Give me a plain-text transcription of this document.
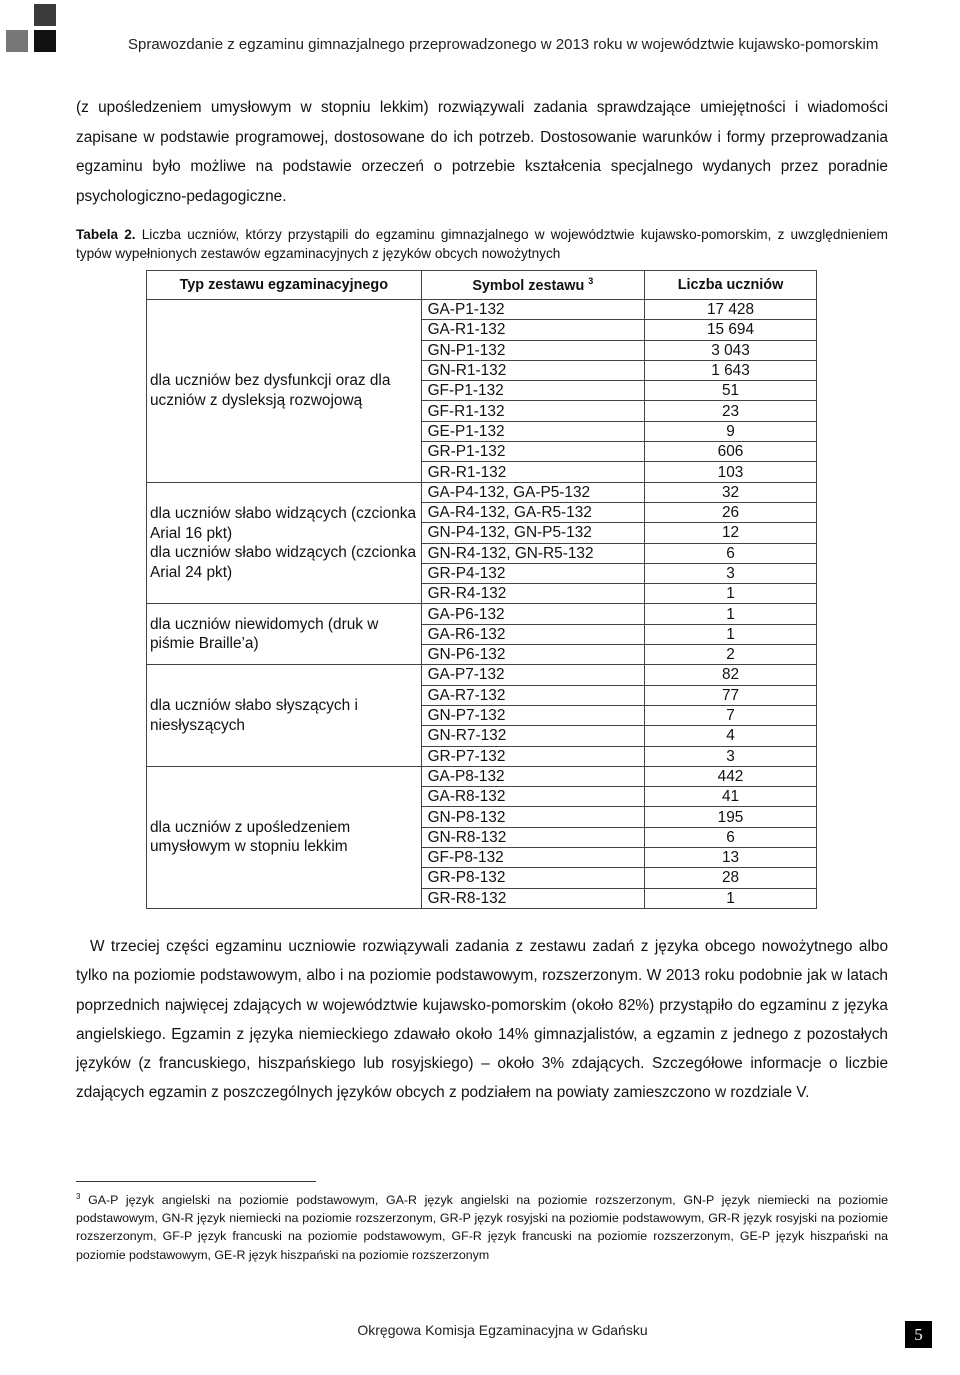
Sprawozdanie z egzaminu gimnazjalnego przeprowadzonego w 2013 roku w województwie kujawsko-pomorskim
(z upośledzeniem umysłowym w stopniu lekkim) rozwiązywali zadania sprawdzające umiejętności i wiadomości zapisane w podstawie programowej, dostosowane do ich potrzeb. Dostosowanie warunków i formy przeprowadzania egzaminu było możliwe na podstawie orzeczeń o potrzebie kształcenia specjalnego wydanych przez poradnie psychologiczno-pedagogiczne.
Tabela 2. Liczba uczniów, którzy przystąpili do egzaminu gimnazjalnego w województwie kujawsko-pomorskim, z uwzględnieniem typów wypełnionych zestawów egzaminacyjnych z języków obcych nowożytnych
Typ zestawu egzaminacyjnego	Symbol zestawu $^3$	Liczba uczniów

dla uczniów bez dysfunkcji oraz dla uczniów z dysleksją rozwojową	GA-P1-132	17 428
	GA-R1-132	15 694
	GN-P1-132	3 043
	GN-R1-132	1 643
	GF-P1-132	51
	GF-R1-132	23
	GE-P1-132	9
	GR-P1-132	606
	GR-R1-132	103

dla uczniów słabo widzących (czcionka Arial 16 pkt)
dla uczniów słabo widzących (czcionka Arial 24 pkt)	GA-P4-132, GA-P5-132	32
	GA-R4-132, GA-R5-132	26
	GN-P4-132, GN-P5-132	12
	GN-R4-132, GN-R5-132	6
	GR-P4-132	3
	GR-R4-132	1

dla uczniów niewidomych (druk w piśmie Braille’a)	GA-P6-132	1
	GA-R6-132	1
	GN-P6-132	2

dla uczniów słabo słyszących i niesłyszących	GA-P7-132	82
	GA-R7-132	77
	GN-P7-132	7
	GN-R7-132	4
	GR-P7-132	3

dla uczniów z upośledzeniem umysłowym w stopniu lekkim	GA-P8-132	442
	GA-R8-132	41
	GN-P8-132	195
	GN-R8-132	6
	GF-P8-132	13
	GR-P8-132	28
	GR-R8-132	1
W trzeciej części egzaminu uczniowie rozwiązywali zadania z zestawu zadań z języka obcego nowożytnego albo tylko na poziomie podstawowym, albo i na poziomie podstawowym, rozszerzonym. W 2013 roku podobnie jak w latach poprzednich najwięcej zdających w województwie kujawsko-pomorskim (około 82%) przystąpiło do egzaminu z języka angielskiego. Egzamin z języka niemieckiego zdawało około 14% gimnazjalistów, a egzamin z jednego z pozostałych języków (z francuskiego, hiszpańskiego lub rosyjskiego) – około 3% zdających. Szczegółowe informacje o liczbie zdających egzamin z poszczególnych języków obcych z podziałem na powiaty zamieszczono w rozdziale V.
$^3$ GA-P język angielski na poziomie podstawowym, GA-R język angielski na poziomie rozszerzonym, GN-P język niemiecki na poziomie podstawowym, GN-R język niemiecki na poziomie rozszerzonym, GR-P język rosyjski na poziomie podstawowym, GR-R język rosyjski na poziomie rozszerzonym, GF-P język francuski na poziomie podstawowym, GF-R język francuski na poziomie rozszerzonym, GE-P język hiszpański na poziomie podstawowym, GE-R język hiszpański na poziomie rozszerzonym
Okręgowa Komisja Egzaminacyjna w Gdańsku	5
